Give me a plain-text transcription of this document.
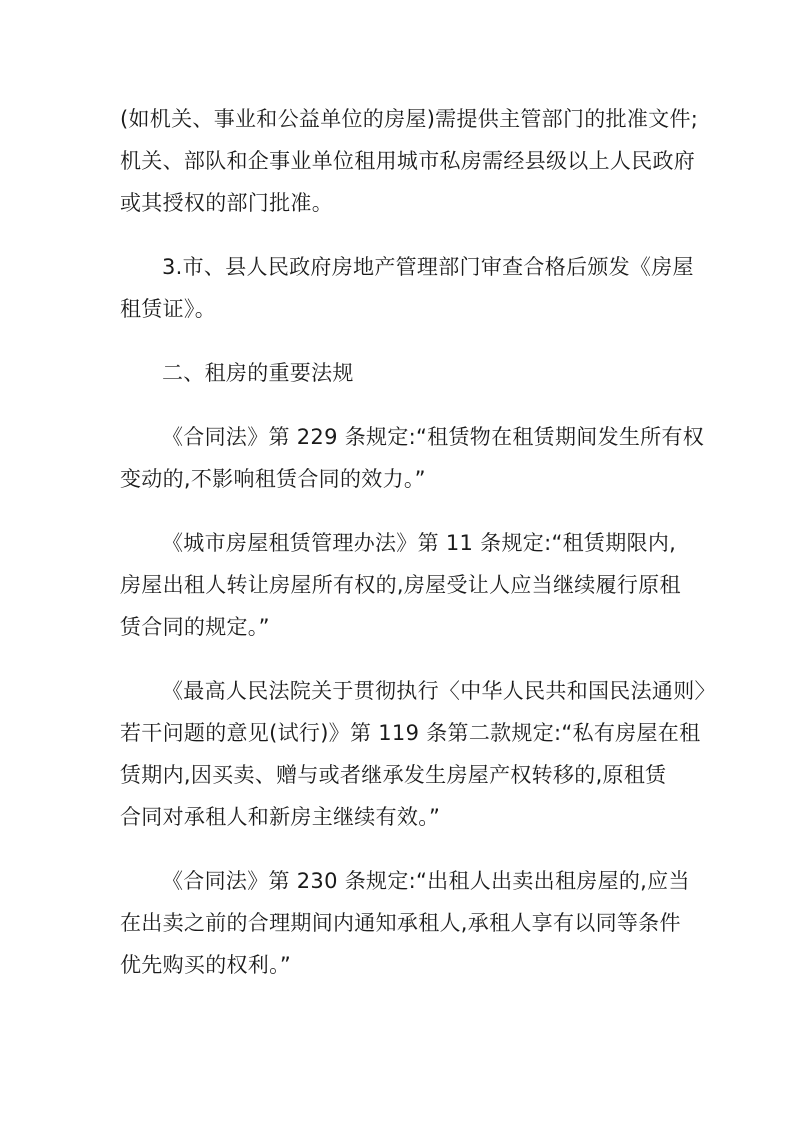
(如机关、事业和公益单位的房屋)需提供主管部门的批准文件;
机关、部队和企事业单位租用城市私房需经县级以上人民政府
或其授权的部门批准。

3.市、县人民政府房地产管理部门审查合格后颁发《房屋
租赁证》。

二、租房的重要法规

《合同法》第 229 条规定:“租赁物在租赁期间发生所有权
变动的,不影响租赁合同的效力。”

《城市房屋租赁管理办法》第 11 条规定:“租赁期限内,
房屋出租人转让房屋所有权的,房屋受让人应当继续履行原租
赁合同的规定。”

《最高人民法院关于贯彻执行〈中华人民共和国民法通则〉
若干问题的意见(试行)》第 119 条第二款规定:“私有房屋在租
赁期内,因买卖、赠与或者继承发生房屋产权转移的,原租赁
合同对承租人和新房主继续有效。”

《合同法》第 230 条规定:“出租人出卖出租房屋的,应当
在出卖之前的合理期间内通知承租人,承租人享有以同等条件
优先购买的权利。”
